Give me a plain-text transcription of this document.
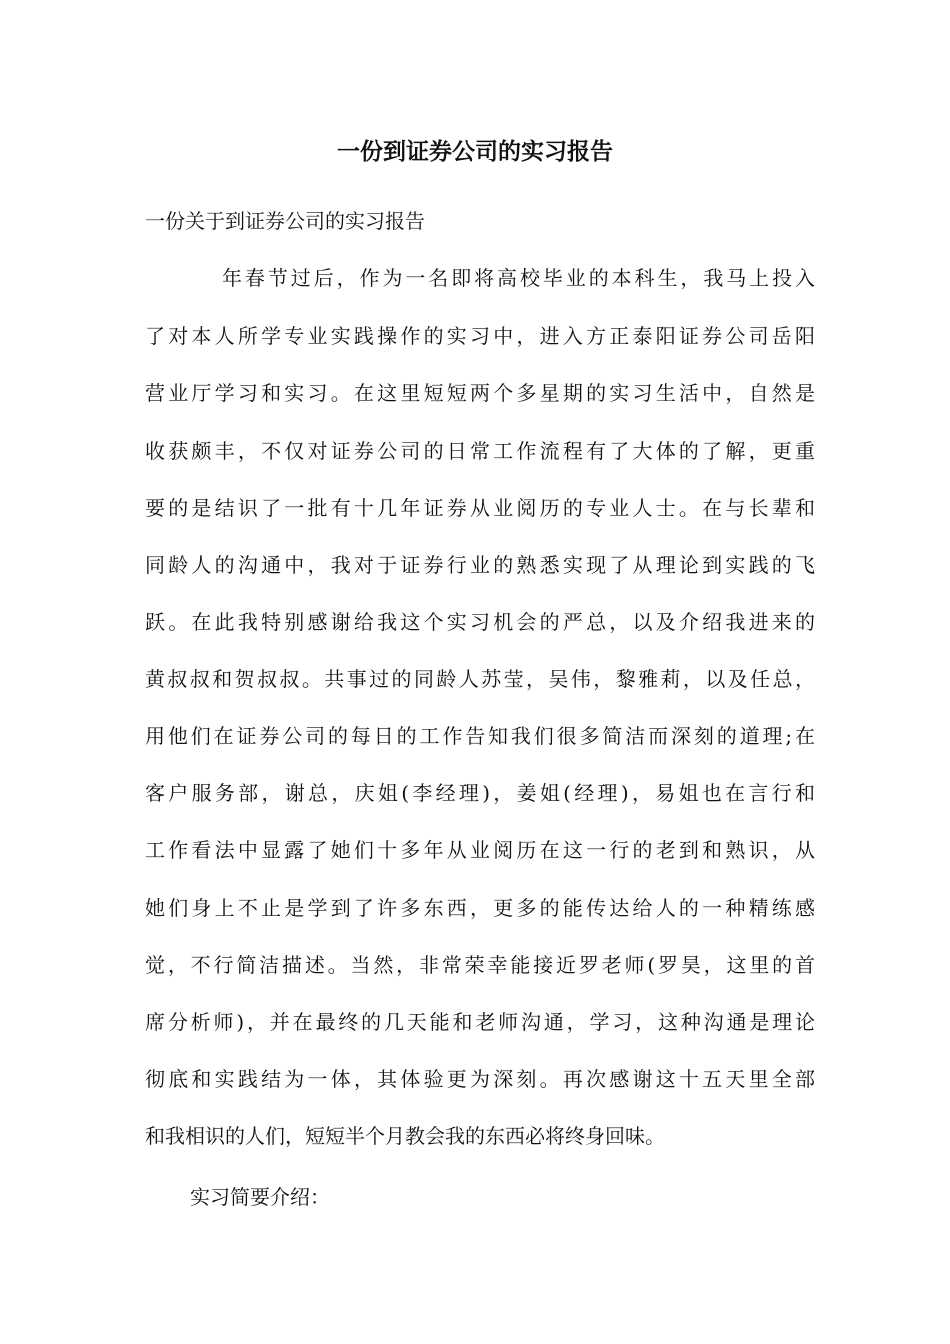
一份到证券公司的实习报告

一份关于到证券公司的实习报告

年春节过后，作为一名即将高校毕业的本科生，我马上投入

了对本人所学专业实践操作的实习中，进入方正泰阳证券公司岳阳

营业厅学习和实习。在这里短短两个多星期的实习生活中，自然是

收获颇丰，不仅对证券公司的日常工作流程有了大体的了解，更重

要的是结识了一批有十几年证券从业阅历的专业人士。在与长辈和

同龄人的沟通中，我对于证券行业的熟悉实现了从理论到实践的飞

跃。在此我特别感谢给我这个实习机会的严总，以及介绍我进来的

黄叔叔和贺叔叔。共事过的同龄人苏莹，吴伟，黎雅莉，以及任总，

用他们在证券公司的每日的工作告知我们很多简洁而深刻的道理;在

客户服务部，谢总，庆姐(李经理)，姜姐(经理)，易姐也在言行和

工作看法中显露了她们十多年从业阅历在这一行的老到和熟识，从

她们身上不止是学到了许多东西，更多的能传达给人的一种精练感

觉，不行简洁描述。当然，非常荣幸能接近罗老师(罗昊，这里的首

席分析师)，并在最终的几天能和老师沟通，学习，这种沟通是理论

彻底和实践结为一体，其体验更为深刻。再次感谢这十五天里全部

和我相识的人们，短短半个月教会我的东西必将终身回味。

实习简要介绍：
